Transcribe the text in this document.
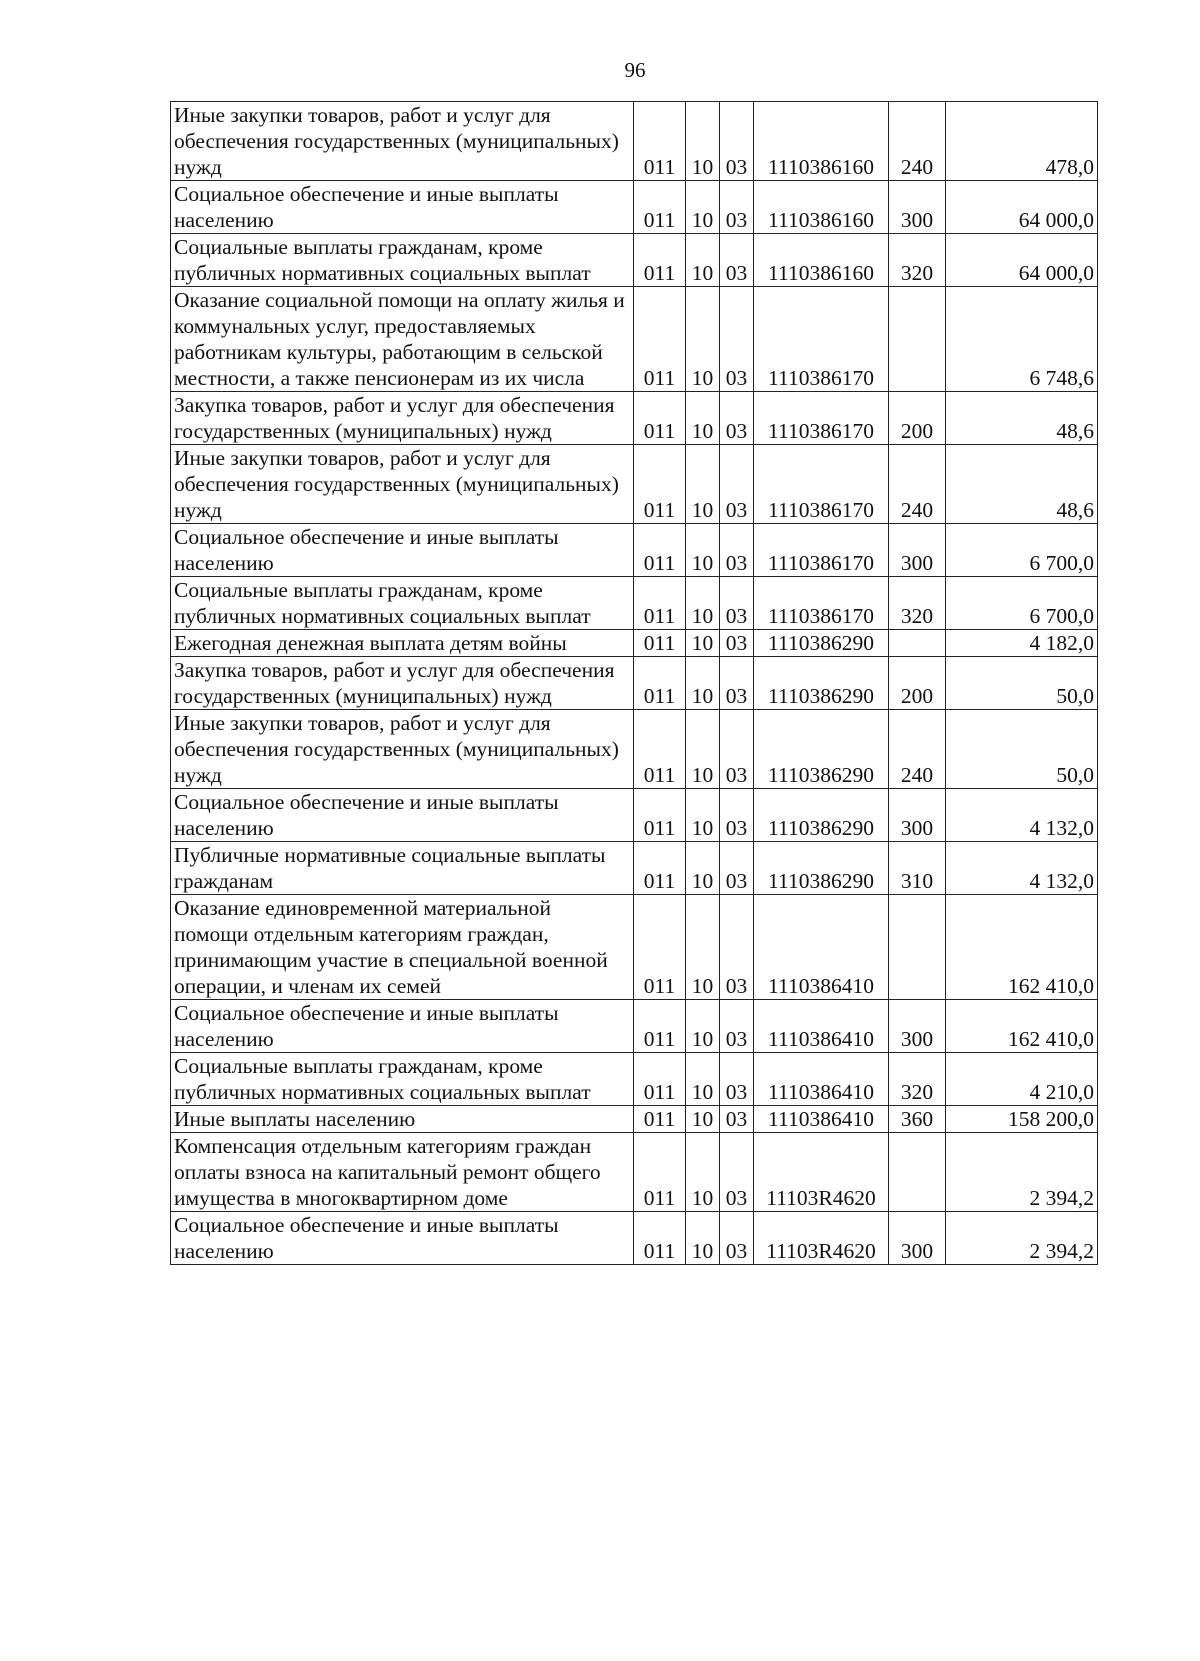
96
Иные закупки товаров, работ и услуг для обеспечения государственных (муниципальных) нужд	011	10	03	1110386160	240	478,0
Социальное обеспечение и иные выплаты населению	011	10	03	1110386160	300	64 000,0
Социальные выплаты гражданам, кроме публичных нормативных социальных выплат	011	10	03	1110386160	320	64 000,0
Оказание социальной помощи на оплату жилья и коммунальных услуг, предоставляемых работникам культуры, работающим в сельской местности, а также пенсионерам из их числа	011	10	03	1110386170		6 748,6
Закупка товаров, работ и услуг для обеспечения государственных (муниципальных) нужд	011	10	03	1110386170	200	48,6
Иные закупки товаров, работ и услуг для обеспечения государственных (муниципальных) нужд	011	10	03	1110386170	240	48,6
Социальное обеспечение и иные выплаты населению	011	10	03	1110386170	300	6 700,0
Социальные выплаты гражданам, кроме публичных нормативных социальных выплат	011	10	03	1110386170	320	6 700,0
Ежегодная денежная выплата детям войны	011	10	03	1110386290		4 182,0
Закупка товаров, работ и услуг для обеспечения государственных (муниципальных) нужд	011	10	03	1110386290	200	50,0
Иные закупки товаров, работ и услуг для обеспечения государственных (муниципальных) нужд	011	10	03	1110386290	240	50,0
Социальное обеспечение и иные выплаты населению	011	10	03	1110386290	300	4 132,0
Публичные нормативные социальные выплаты гражданам	011	10	03	1110386290	310	4 132,0
Оказание единовременной материальной помощи отдельным категориям граждан, принимающим участие в специальной военной операции, и членам их семей	011	10	03	1110386410		162 410,0
Социальное обеспечение и иные выплаты населению	011	10	03	1110386410	300	162 410,0
Социальные выплаты гражданам, кроме публичных нормативных социальных выплат	011	10	03	1110386410	320	4 210,0
Иные выплаты населению	011	10	03	1110386410	360	158 200,0
Компенсация отдельным категориям граждан оплаты взноса на капитальный ремонт общего имущества в многоквартирном доме	011	10	03	11103R4620		2 394,2
Социальное обеспечение и иные выплаты населению	011	10	03	11103R4620	300	2 394,2
